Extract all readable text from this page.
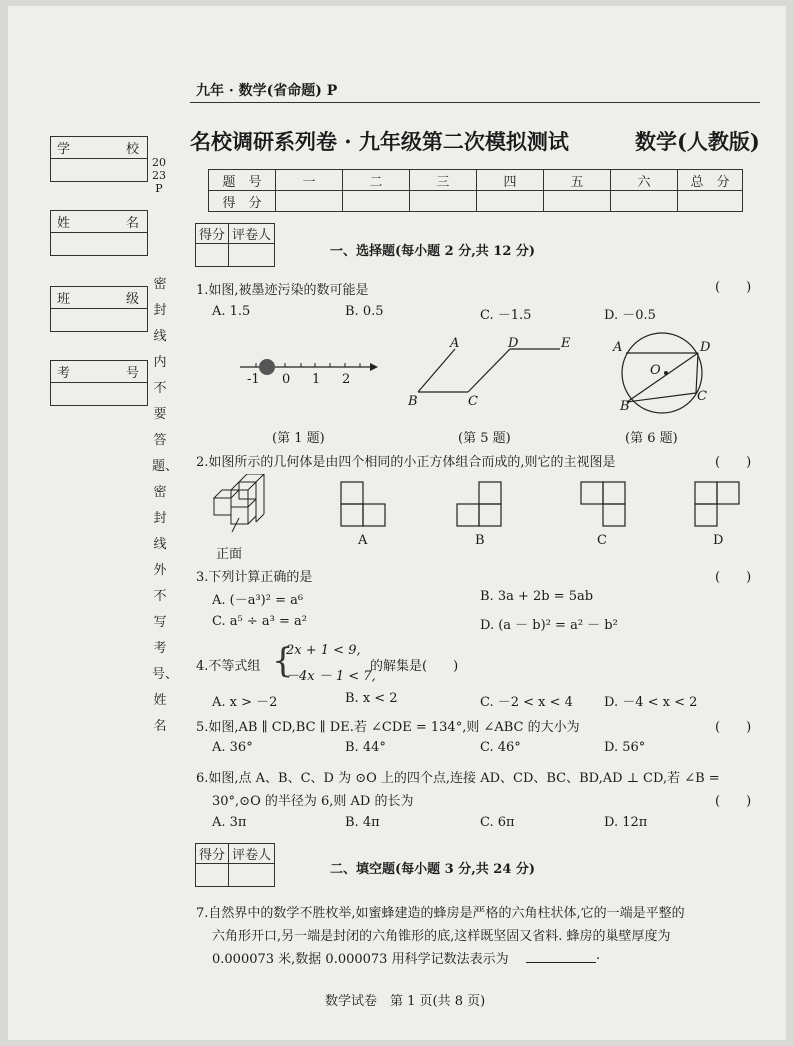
九年 · 数学(省命题) P
名校调研系列卷 · 九年级第二次模拟测试	数学(人教版)
题　号	一	二	三	四	五	六	总　分
得　分							
学	校
姓	名
班	级
考	号
2023P
密封线内不要答题、密封线外不写考号、姓名
得分	评卷人

一、选择题(每小题 2 分,共 12 分)
1.如图,被墨迹污染的数可能是	(　　)
A. 1.5	B. 0.5	C. －1.5	D. －0.5
-1 0 1 2
(第 1 题)
A
B	C
D	E
(第 5 题)
A	D
O
B
C
(第 6 题)
2.如图所示的几何体是由四个相同的小正方体组合而成的,则它的主视图是	(　　)
正面
A	B	C	D
3.下列计算正确的是	(　　)
A. (－a³)² = a⁶	B. 3a + 2b = 5ab
C. a⁵ ÷ a³ = a²	D. (a － b)² = a² － b²
4.不等式组 {
2x + 1 < 9,
－4x － 1 < 7,
的解集是(　　)
A. x > －2	B. x < 2	C. －2 < x < 4 D. －4 < x < 2
5.如图,AB ∥ CD,BC ∥ DE.若 ∠CDE = 134°,则 ∠ABC 的大小为	(　　)
A. 36°	B. 44°	C. 46°	D. 56°
6.如图,点 A、B、C、D 为 ⊙O 上的四个点,连接 AD、CD、BC、BD,AD ⊥ CD,若 ∠B =
30°,⊙O 的半径为 6,则 AD 的长为	(　　)
A. 3π	B. 4π	C. 6π	D. 12π
得分	评卷人

二、填空题(每小题 3 分,共 24 分)
7.自然界中的数学不胜枚举,如蜜蜂建造的蜂房是严格的六角柱状体,它的一端是平整的
六角形开口,另一端是封闭的六角锥形的底,这样既坚固又省料. 蜂房的巢壁厚度为
0.000073 米,数据 0.000073 用科学记数法表示为	.
数学试卷　第 1 页(共 8 页)
